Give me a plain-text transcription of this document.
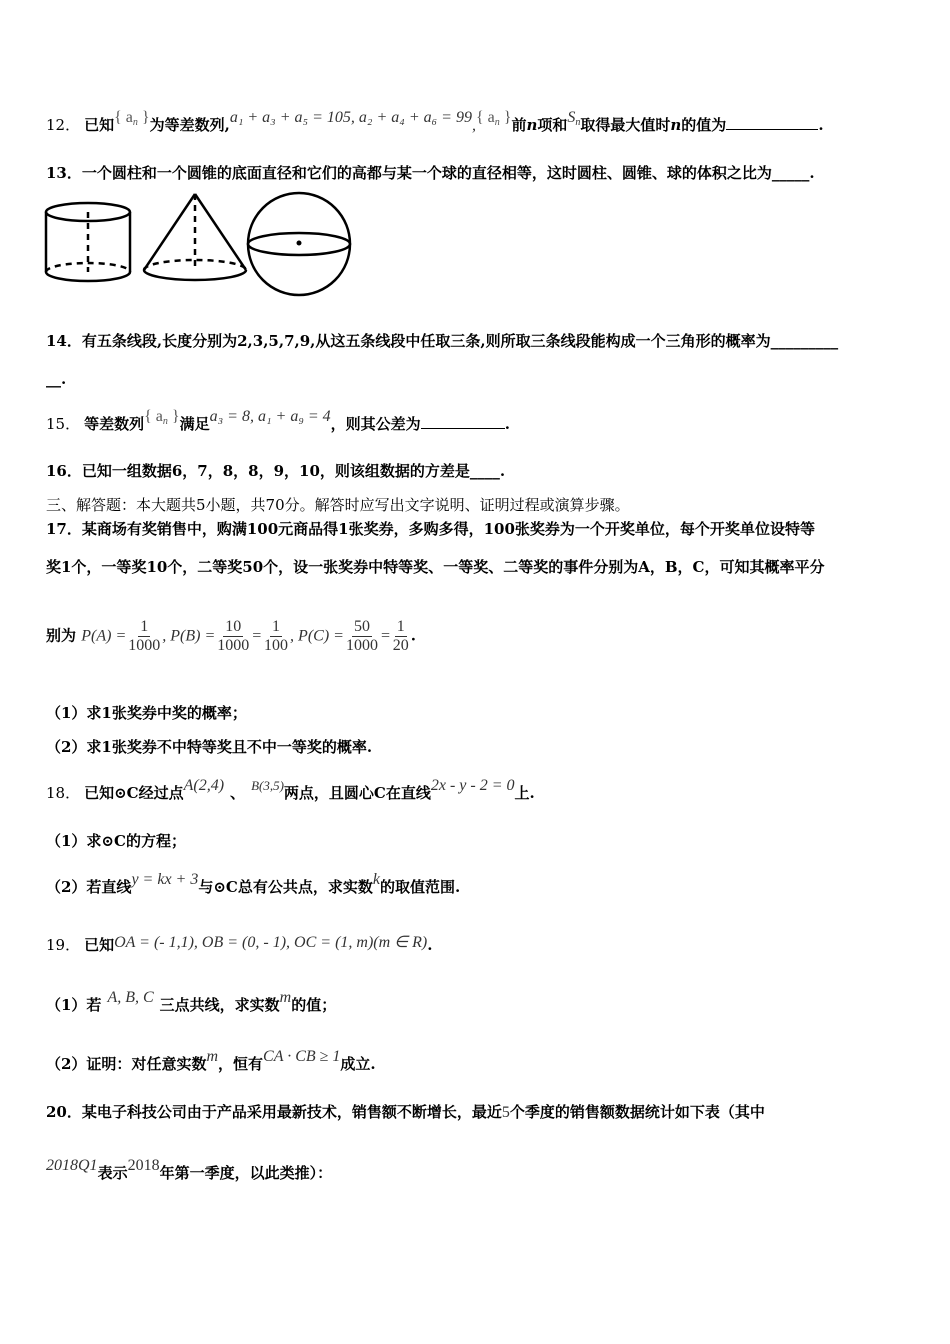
12． 已知{ $a_n$ }为等差数列,a₁ + a₃ + a₅ = 105, a₂ + a₄ + a₆ = 99,{ $a_n$ }前n项和$S_n$取得最大值时n的值为	.
13．一个圆柱和一个圆锥的底面直径和它们的高都与某一个球的直径相等，这时圆柱、圆锥、球的体积之比为_____.
14．有五条线段,长度分别为2,3,5,7,9,从这五条线段中任取三条,则所取三条线段能构成一个三角形的概率为_________
__.
15． 等差数列{ $a_n$ }满足a₃ = 8, a₁ + a₉ = 4，则其公差为	.
16．已知一组数据6，7，8，8，9，10，则该组数据的方差是____.
三、解答题：本大题共5小题，共70分。解答时应写出文字说明、证明过程或演算步骤。
17．某商场有奖销售中，购满100元商品得1张奖券，多购多得，100张奖券为一个开奖单位，每个开奖单位设特等
奖1个，一等奖10个，二等奖50个，设一张奖券中特等奖、一等奖、二等奖的事件分别为A，B，C，可知其概率平分
别为 $P(A) = \frac{1}{1000}$ , $P(B) = \frac{10}{1000} = \frac{1}{100}$ , $P(C) = \frac{50}{1000} = \frac{1}{20}$ .
（1）求1张奖券中奖的概率；
（2）求1张奖券不中特等奖且不中一等奖的概率.
18． 已知⊙C经过点A(2,4) 、 B(3,5)两点，且圆心C在直线2x - y - 2 = 0上.
（1）求⊙C的方程；
（2）若直线y = kx + 3与⊙C总有公共点，求实数k的取值范围.
19． 已知OA = (- 1,1), OB = (0, - 1), OC = (1, m)(m ∈ R).
（1）若 A, B, C 三点共线，求实数m的值；
（2）证明：对任意实数m，恒有CA · CB ≥ 1成立.
20．某电子科技公司由于产品采用最新技术，销售额不断增长，最近5个季度的销售额数据统计如下表（其中
2018Q1表示2018年第一季度，以此类推）：
